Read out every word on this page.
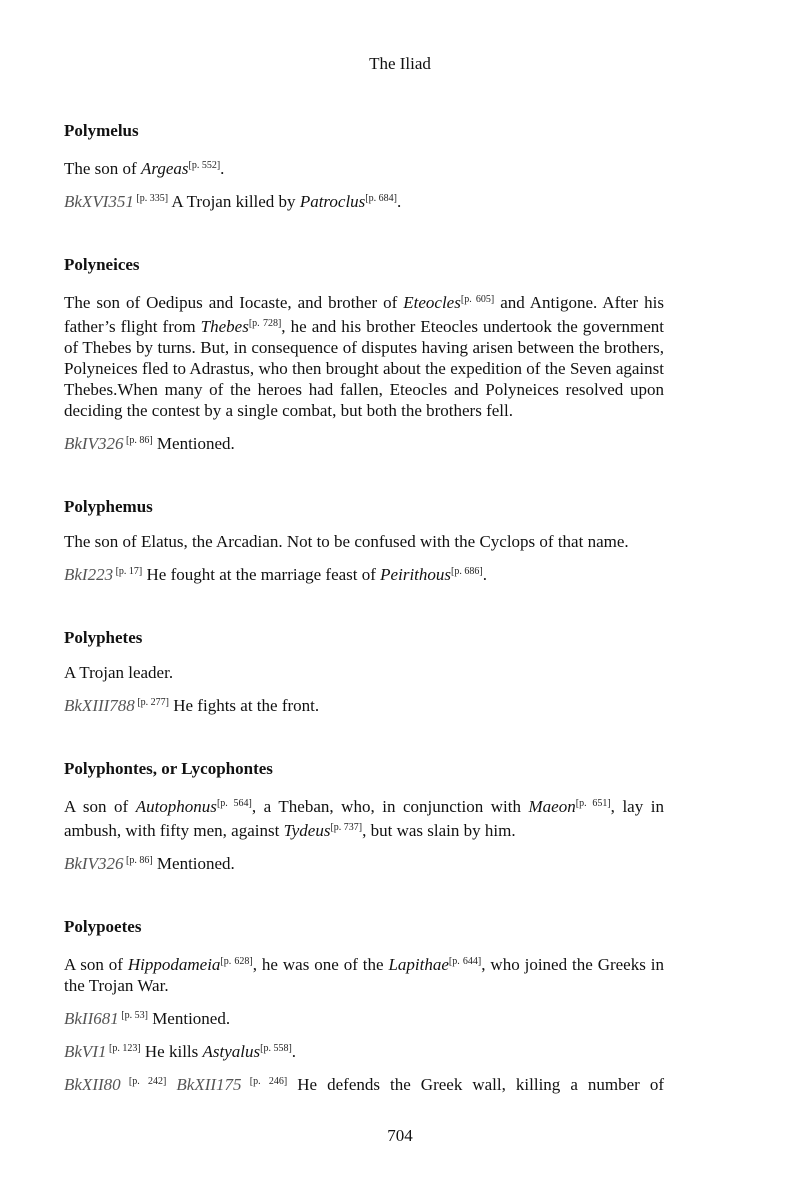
The Iliad
Polymelus

The son of Argeas[p. 552].

BkXVI351 [p. 335] A Trojan killed by Patroclus[p. 684].

Polyneices

The son of Oedipus and Iocaste, and brother of Eteocles[p. 605] and Antigone. After his father’s flight from Thebes[p. 728], he and his brother Eteocles undertook the government of Thebes by turns. But, in consequence of disputes having arisen between the brothers, Polyneices fled to Adrastus, who then brought about the expedition of the Seven against Thebes.When many of the heroes had fallen, Eteocles and Polyneices resolved upon deciding the contest by a single combat, but both the brothers fell.

BkIV326 [p. 86] Mentioned.

Polyphemus

The son of Elatus, the Arcadian. Not to be confused with the Cyclops of that name.

BkI223 [p. 17] He fought at the marriage feast of Peirithous[p. 686].

Polyphetes

A Trojan leader.

BkXIII788 [p. 277] He fights at the front.

Polyphontes, or Lycophontes

A son of Autophonus[p. 564], a Theban, who, in conjunction with Maeon[p. 651], lay in ambush, with fifty men, against Tydeus[p. 737], but was slain by him.

BkIV326 [p. 86] Mentioned.

Polypoetes

A son of Hippodameia[p. 628], he was one of the Lapithae[p. 644], who joined the Greeks in the Trojan War.

BkII681 [p. 53] Mentioned.

BkVI1 [p. 123] He kills Astyalus[p. 558].

BkXII80 [p. 242] BkXII175 [p. 246] He defends the Greek wall, killing a number of

704
